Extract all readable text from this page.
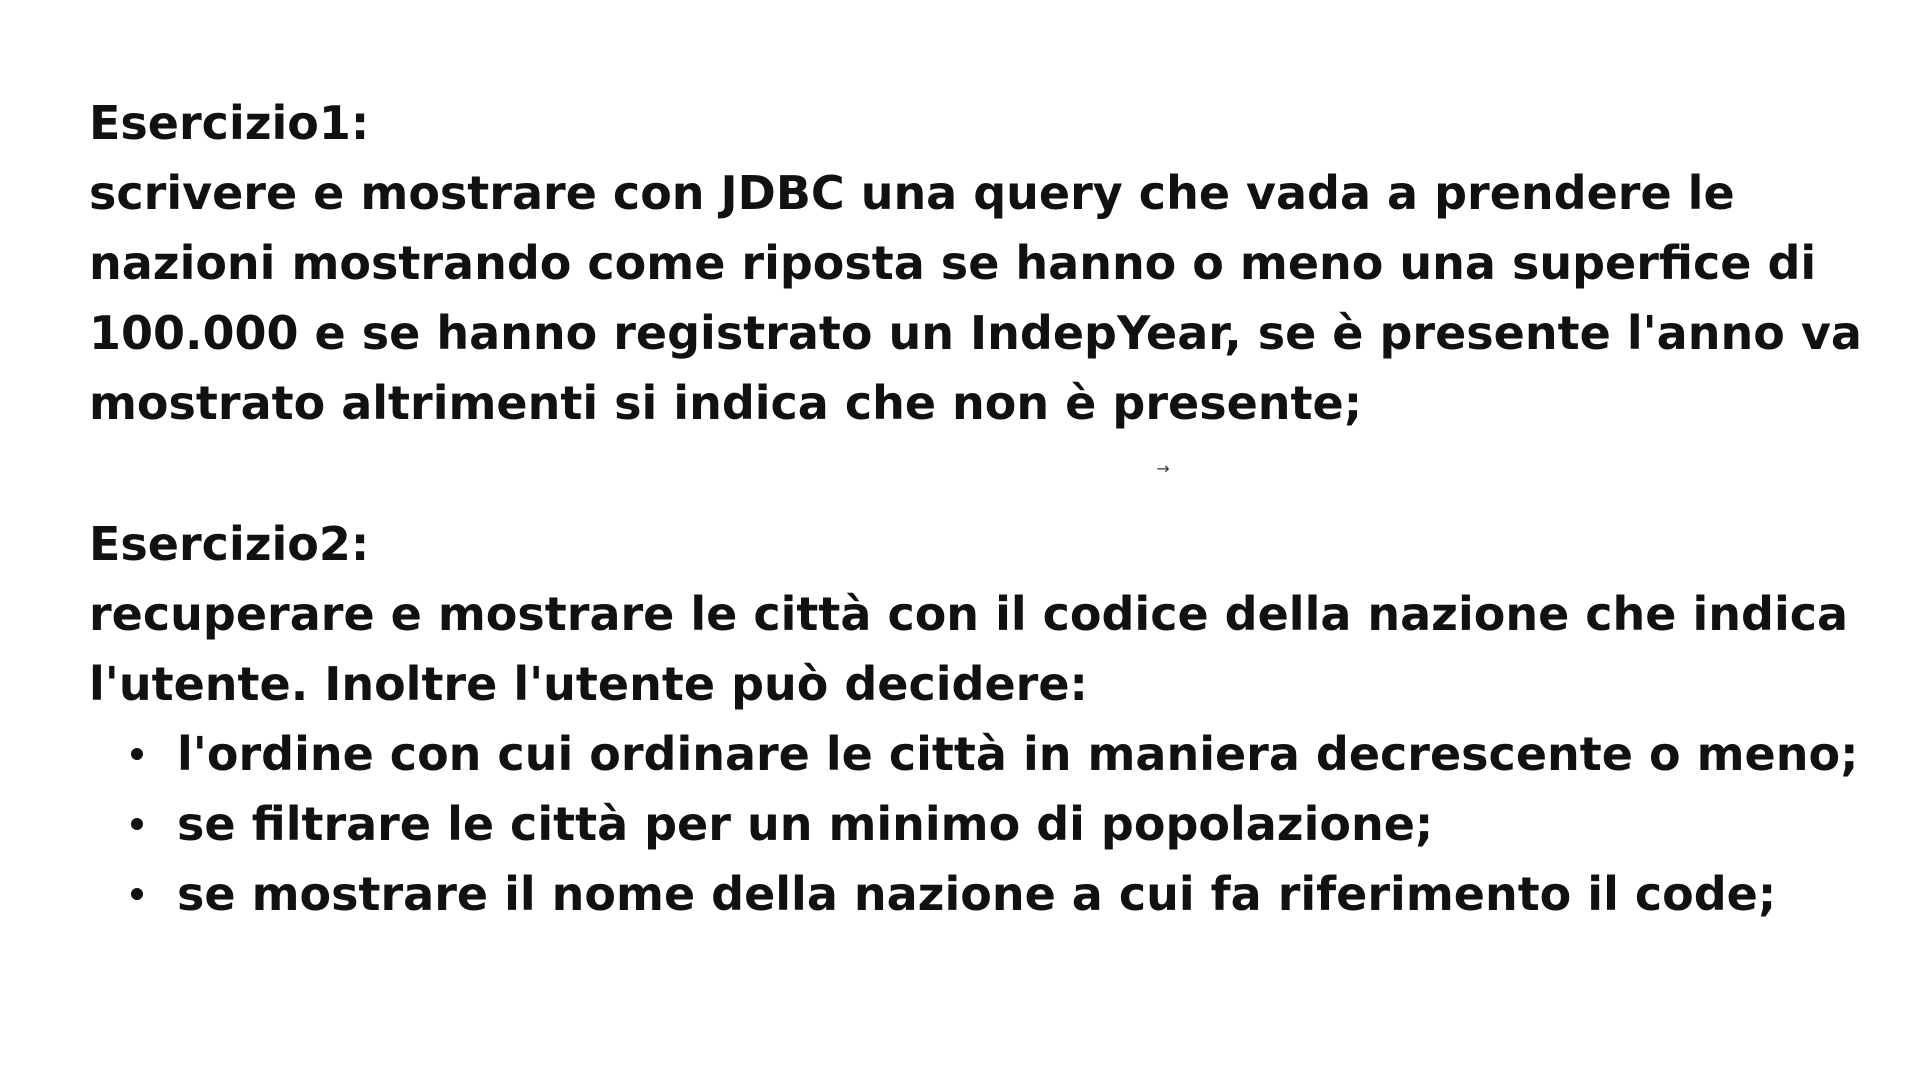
Esercizio1:

scrivere e mostrare con JDBC una query che vada a prendere le nazioni mostrando come riposta se hanno o meno una superfice di 100.000 e se hanno registrato un IndepYear, se è presente l'anno va mostrato altrimenti si indica che non è presente;

Esercizio2:

recuperare e mostrare le città con il codice della nazione che indica l'utente. Inoltre l'utente può decidere:

l'ordine con cui ordinare le città in maniera decrescente o meno;
se filtrare le città per un minimo di popolazione;
se mostrare il nome della nazione a cui fa riferimento il code;
→
